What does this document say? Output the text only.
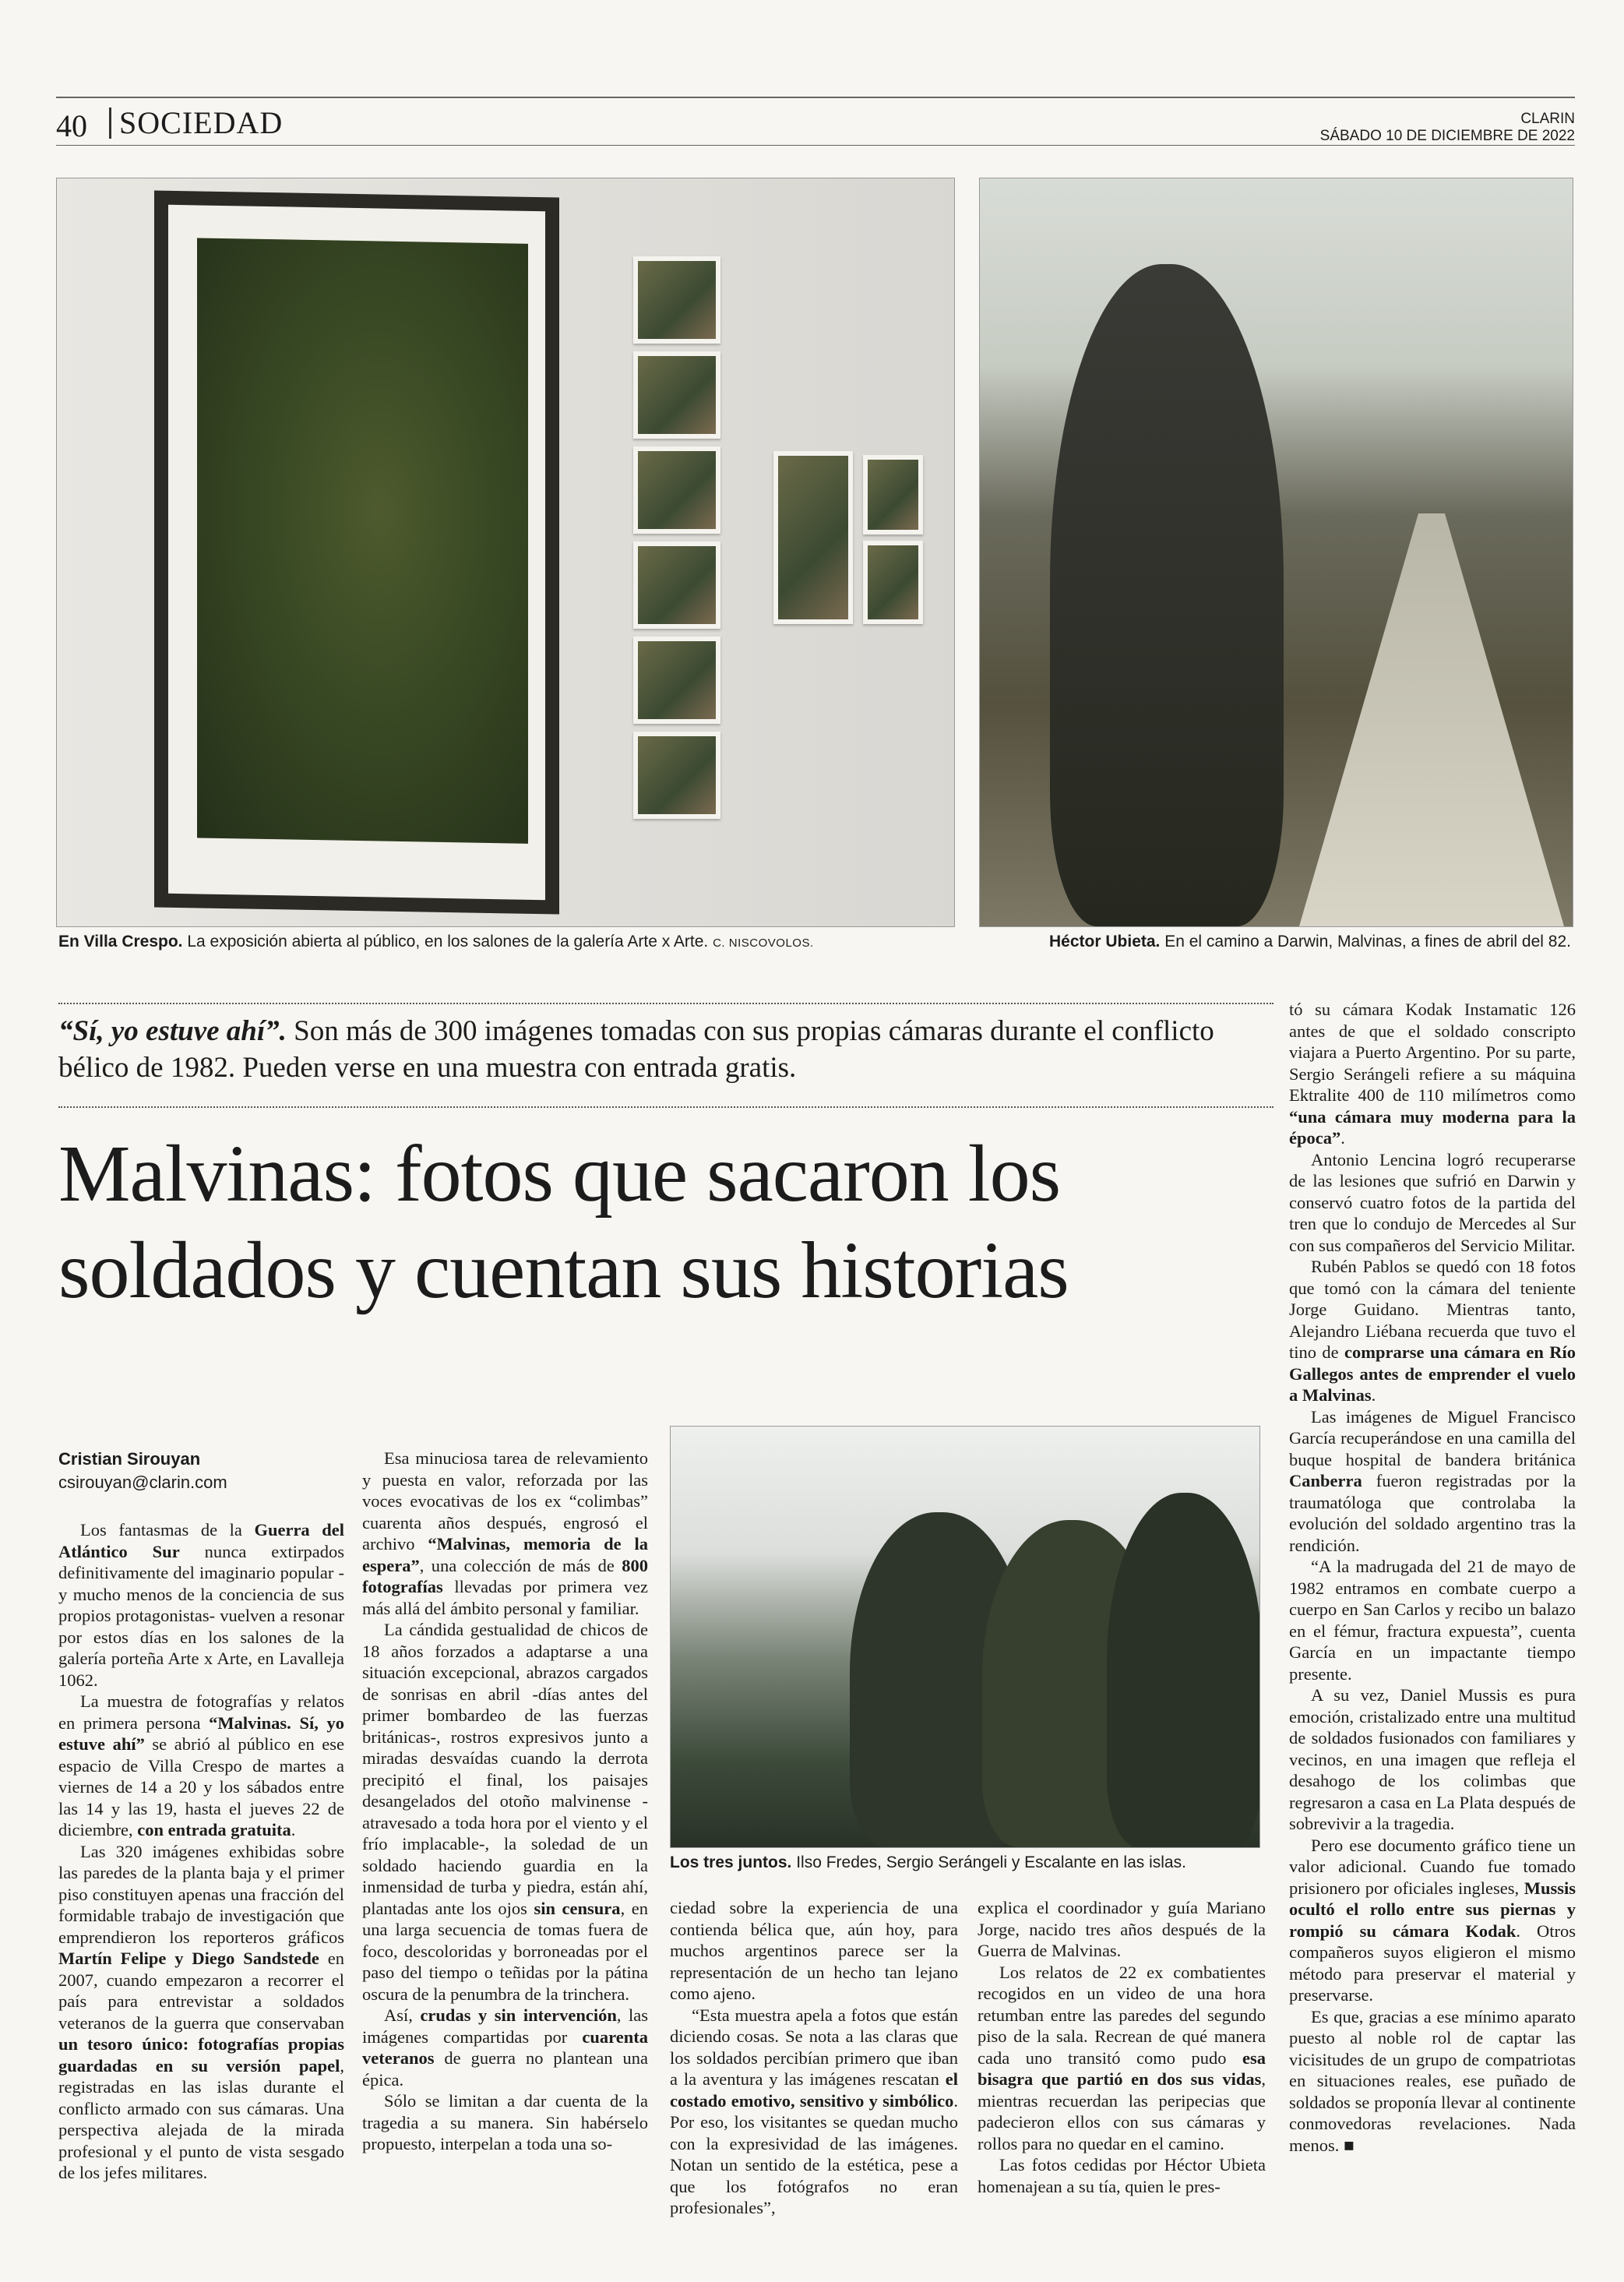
40	SOCIEDAD	CLARIN
SÁBADO 10 DE DICIEMBRE DE 2022
En Villa Crespo. La exposición abierta al público, en los salones de la galería Arte x Arte. C. NISCOVOLOS.	Héctor Ubieta. En el camino a Darwin, Malvinas, a fines de abril del 82.
“Sí, yo estuve ahí”. Son más de 300 imágenes tomadas con sus propias cámaras durante el conflicto bélico de 1982. Pueden verse en una muestra con entrada gratis.
Malvinas: fotos que sacaron los soldados y cuentan sus historias
Cristian Sirouyan
csirouyan@clarin.com
Los tres juntos. Ilso Fredes, Sergio Serángeli y Escalante en las islas.

Los fantasmas de la Guerra del Atlántico Sur nunca extirpados definitivamente del imaginario popular -y mucho menos de la conciencia de sus propios protagonistas- vuelven a resonar por estos días en los salones de la galería porteña Arte x Arte, en Lavalleja 1062.

La muestra de fotografías y relatos en primera persona “Malvinas. Sí, yo estuve ahí” se abrió al público en ese espacio de Villa Crespo de martes a viernes de 14 a 20 y los sábados entre las 14 y las 19, hasta el jueves 22 de diciembre, con entrada gratuita.

Las 320 imágenes exhibidas sobre las paredes de la planta baja y el primer piso constituyen apenas una fracción del formidable trabajo de investigación que emprendieron los reporteros gráficos Martín Felipe y Diego Sandstede en 2007, cuando empezaron a recorrer el país para entrevistar a soldados veteranos de la guerra que conservaban un tesoro único: fotografías propias guardadas en su versión papel, registradas en las islas durante el conflicto armado con sus cámaras. Una perspectiva alejada de la mirada profesional y el punto de vista sesgado de los jefes militares.

Esa minuciosa tarea de relevamiento y puesta en valor, reforzada por las voces evocativas de los ex “colimbas” cuarenta años después, engrosó el archivo “Malvinas, memoria de la espera”, una colección de más de 800 fotografías llevadas por primera vez más allá del ámbito personal y familiar.

La cándida gestualidad de chicos de 18 años forzados a adaptarse a una situación excepcional, abrazos cargados de sonrisas en abril -días antes del primer bombardeo de las fuerzas británicas-, rostros expresivos junto a miradas desvaídas cuando la derrota precipitó el final, los paisajes desangelados del otoño malvinense -atravesado a toda hora por el viento y el frío implacable-, la soledad de un soldado haciendo guardia en la inmensidad de turba y piedra, están ahí, plantadas ante los ojos sin censura, en una larga secuencia de tomas fuera de foco, descoloridas y borroneadas por el paso del tiempo o teñidas por la pátina oscura de la penumbra de la trinchera.

Así, crudas y sin intervención, las imágenes compartidas por cuarenta veteranos de guerra no plantean una épica.

Sólo se limitan a dar cuenta de la tragedia a su manera. Sin habérselo propuesto, interpelan a toda una so-

ciedad sobre la experiencia de una contienda bélica que, aún hoy, para muchos argentinos parece ser la representación de un hecho tan lejano como ajeno.

“Esta muestra apela a fotos que están diciendo cosas. Se nota a las claras que los soldados percibían primero que iban a la aventura y las imágenes rescatan el costado emotivo, sensitivo y simbólico. Por eso, los visitantes se quedan mucho con la expresividad de las imágenes. Notan un sentido de la estética, pese a que los fotógrafos no eran profesionales”,

explica el coordinador y guía Mariano Jorge, nacido tres años después de la Guerra de Malvinas.

Los relatos de 22 ex combatientes recogidos en un video de una hora retumban entre las paredes del segundo piso de la sala. Recrean de qué manera cada uno transitó como pudo esa bisagra que partió en dos sus vidas, mientras recuerdan las peripecias que padecieron ellos con sus cámaras y rollos para no quedar en el camino.

Las fotos cedidas por Héctor Ubieta homenajean a su tía, quien le pres-

tó su cámara Kodak Instamatic 126 antes de que el soldado conscripto viajara a Puerto Argentino. Por su parte, Sergio Serángeli refiere a su máquina Ektralite 400 de 110 milímetros como “una cámara muy moderna para la época”.

Antonio Lencina logró recuperarse de las lesiones que sufrió en Darwin y conservó cuatro fotos de la partida del tren que lo condujo de Mercedes al Sur con sus compañeros del Servicio Militar.

Rubén Pablos se quedó con 18 fotos que tomó con la cámara del teniente Jorge Guidano. Mientras tanto, Alejandro Liébana recuerda que tuvo el tino de comprarse una cámara en Río Gallegos antes de emprender el vuelo a Malvinas.

Las imágenes de Miguel Francisco García recuperándose en una camilla del buque hospital de bandera británica Canberra fueron registradas por la traumatóloga que controlaba la evolución del soldado argentino tras la rendición.

“A la madrugada del 21 de mayo de 1982 entramos en combate cuerpo a cuerpo en San Carlos y recibo un balazo en el fémur, fractura expuesta”, cuenta García en un impactante tiempo presente.

A su vez, Daniel Mussis es pura emoción, cristalizado entre una multitud de soldados fusionados con familiares y vecinos, en una imagen que refleja el desahogo de los colimbas que regresaron a casa en La Plata después de sobrevivir a la tragedia.

Pero ese documento gráfico tiene un valor adicional. Cuando fue tomado prisionero por oficiales ingleses, Mussis ocultó el rollo entre sus piernas y rompió su cámara Kodak. Otros compañeros suyos eligieron el mismo método para preservar el material y preservarse.

Es que, gracias a ese mínimo aparato puesto al noble rol de captar las vicisitudes de un grupo de compatriotas en situaciones reales, ese puñado de soldados se proponía llevar al continente conmovedoras revelaciones. Nada menos. ■
